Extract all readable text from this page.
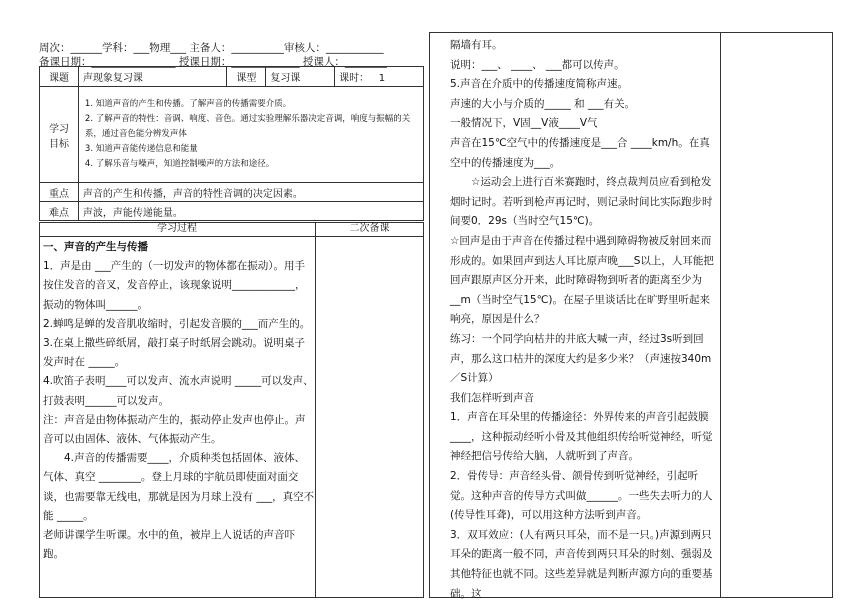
周次：______学科：___物理___ 主备人：__________审核人：___________
备课日期：________________ 授课日期：_____________ 授课人：________
课题	声现象复习课	课型	复习课	课时： 1
学习目标	1. 知道声音的产生和传播。了解声音的传播需要介质。
2. 了解声音的特性：音调、响度、音色。通过实验理解乐器决定音调，响度与振幅的关系，通过音色能分辨发声体
3. 知道声音能传递信息和能量
4. 了解乐音与噪声，知道控制噪声的方法和途径。			

重点	声音的产生和传播，声音的特性音调的决定因素。			
难点	声波，声能传递能量。			
学习过程	二次备课

一、声音的产生与传播

1．声是由 ___产生的（一切发声的物体都在振动）。用手按住发音的音叉，发音停止，该现象说明____________，

振动的物体叫______。

2.蝉鸣是蝉的发音肌收缩时，引起发音膜的___而产生的。

3.在桌上撒些碎纸屑，敲打桌子时纸屑会跳动。说明桌子发声时在 _____。

4.吹笛子表明____可以发声、流水声说明 _____可以发声、打鼓表明______可以发声。

注：声音是由物体振动产生的，振动停止发声也停止。声音可以由固体、液体、气体振动产生。

4.声音的传播需要____，介质种类包括固体、液体、气体、真空 ________。登上月球的宇航员即使面对面交谈，也需要靠无线电，那就是因为月球上没有 ___，真空不能 _____。

老师讲课学生听课。水中的鱼，被岸上人说话的声音吓跑。

隔墙有耳。

说明：___、 ____、 ___都可以传声。

5.声音在介质中的传播速度简称声速。

声速的大小与介质的_____ 和 ___有关。

一般情况下，V固__V液____V气

声音在15℃空气中的传播速度是___合 ____km/h。在真空中的传播速度为___。

☆运动会上进行百米赛跑时，终点裁判员应看到枪发烟时记时。若听到枪声再记时，则记录时间比实际跑步时间要0．29s（当时空气15℃)。

☆回声是由于声音在传播过程中遇到障碍物被反射回来而形成的。如果回声到达人耳比原声晚___S以上，人耳能把回声跟原声区分开来，此时障碍物到听者的距离至少为 __m（当时空气15℃)。在屋子里谈话比在旷野里听起来响亮，原因是什么？

练习：一个同学向枯井的井底大喊一声，经过3s听到回声，那么这口枯井的深度大约是多少米？（声速按340m／S计算）

我们怎样听到声音

1．声音在耳朵里的传播途径：外界传来的声音引起鼓膜 ____，这种振动经听小骨及其他组织传给听觉神经，听觉神经把信号传给大脑，人就听到了声音。

2．骨传导：声音经头骨、颌骨传到听觉神经，引起听觉。这种声音的传导方式叫做______。一些失去听力的人(传导性耳聋)，可以用这种方法听到声音。

3．双耳效应：(人有两只耳朵，而不是一只。)声源到两只耳朵的距离一般不同，声音传到两只耳朵的时刻、强弱及其他特征也就不同。这些差异就是判断声源方向的重要基础。这
